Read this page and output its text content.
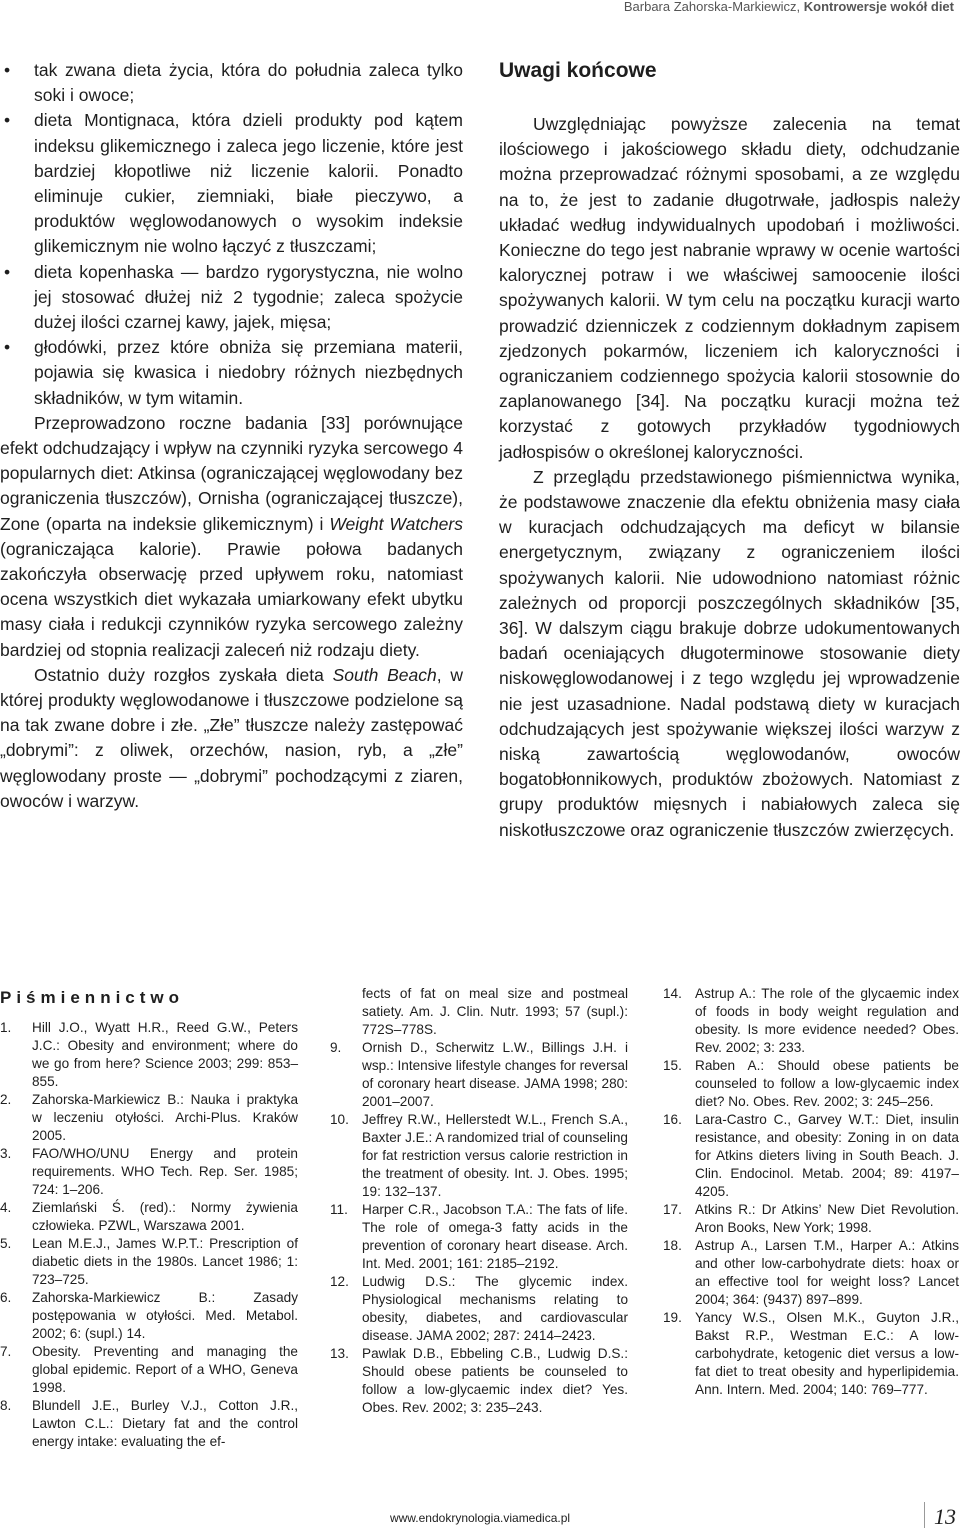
Barbara Zahorska-Markiewicz, Kontrowersje wokół diet
• tak zwana dieta życia, która do południa zaleca tylko soki i owoce;
• dieta Montignaca, która dzieli produkty pod kątem indeksu glikemicznego i zaleca jego liczenie, które jest bardziej kłopotliwe niż liczenie kalorii. Ponadto eliminuje cukier, ziemniaki, białe pieczywo, a produktów węglowodanowych o wysokim indeksie glikemicznym nie wolno łączyć z tłuszczami;
• dieta kopenhaska — bardzo rygorystyczna, nie wolno jej stosować dłużej niż 2 tygodnie; zaleca spożycie dużej ilości czarnej kawy, jajek, mięsa;
• głodówki, przez które obniża się przemiana materii, pojawia się kwasica i niedobry różnych niezbędnych składników, w tym witamin.

Przeprowadzono roczne badania [33] porównujące efekt odchudzający i wpływ na czynniki ryzyka sercowego 4 popularnych diet: Atkinsa (ograniczającej węglowodany bez ograniczenia tłuszczów), Ornisha (ograniczającej tłuszcze), Zone (oparta na indeksie glikemicznym) i Weight Watchers (ograniczająca kalorie). Prawie połowa badanych zakończyła obserwację przed upływem roku, natomiast ocena wszystkich diet wykazała umiarkowany efekt ubytku masy ciała i redukcji czynników ryzyka sercowego zależny bardziej od stopnia realizacji zaleceń niż rodzaju diety.

Ostatnio duży rozgłos zyskała dieta South Beach, w której produkty węglowodanowe i tłuszczowe podzielone są na tak zwane dobre i złe. „Złe” tłuszcze należy zastępować „dobrymi”: z oliwek, orzechów, nasion, ryb, a „złe” węglowodany proste — „dobrymi” pochodzącymi z ziaren, owoców i warzyw.

Uwagi końcowe

Uwzględniając powyższe zalecenia na temat ilościowego i jakościowego składu diety, odchudzanie można przeprowadzać różnymi sposobami, a ze względu na to, że jest to zadanie długotrwałe, jadłospis należy układać według indywidualnych upodobań i możliwości. Konieczne do tego jest nabranie wprawy w ocenie wartości kalorycznej potraw i we właściwej samoocenie ilości spożywanych kalorii. W tym celu na początku kuracji warto prowadzić dzienniczek z codziennym dokładnym zapisem zjedzonych pokarmów, liczeniem ich kaloryczności i ograniczaniem codziennego spożycia kalorii stosownie do zaplanowanego [34]. Na początku kuracji można też korzystać z gotowych przykładów tygodniowych jadłospisów o określonej kaloryczności.

Z przeglądu przedstawionego piśmiennictwa wynika, że podstawowe znaczenie dla efektu obniżenia masy ciała w kuracjach odchudzających ma deficyt w bilansie energetycznym, związany z ograniczeniem ilości spożywanych kalorii. Nie udowodniono natomiast różnic zależnych od proporcji poszczególnych składników [35, 36]. W dalszym ciągu brakuje dobrze udokumentowanych badań oceniających długoterminowe stosowanie diety niskowęglowodanowej i z tego względu jej wprowadzenie nie jest uzasadnione. Nadal podstawą diety w kuracjach odchudzających jest spożywanie większej ilości warzyw z niską zawartością węglowodanów, owoców bogatobłonnikowych, produktów zbożowych. Natomiast z grupy produktów mięsnych i nabiałowych zaleca się niskotłuszczowe oraz ograniczenie tłuszczów zwierzęcych.

Piśmiennictwo
1. Hill J.O., Wyatt H.R., Reed G.W., Peters J.C.: Obesity and environment; where do we go from here? Science 2003; 299: 853–855.
2. Zahorska-Markiewicz B.: Nauka i praktyka w leczeniu otyłości. Archi-Plus. Kraków 2005.
3. FAO/WHO/UNU Energy and protein requirements. WHO Tech. Rep. Ser. 1985; 724: 1–206.
4. Ziemlański Ś. (red).: Normy żywienia człowieka. PZWL, Warszawa 2001.
5. Lean M.E.J., James W.P.T.: Prescription of diabetic diets in the 1980s. Lancet 1986; 1: 723–725.
6. Zahorska-Markiewicz B.: Zasady postępowania w otyłości. Med. Metabol. 2002; 6: (supl.) 14.
7. Obesity. Preventing and managing the global epidemic. Report of a WHO, Geneva 1998.
8. Blundell J.E., Burley V.J., Cotton J.R., Lawton C.L.: Dietary fat and the control energy intake: evaluating the ef-
fects of fat on meal size and postmeal satiety. Am. J. Clin. Nutr. 1993; 57 (supl.): 772S–778S.
9. Ornish D., Scherwitz L.W., Billings J.H. i wsp.: Intensive lifestyle changes for reversal of coronary heart disease. JAMA 1998; 280: 2001–2007.
10. Jeffrey R.W., Hellerstedt W.L., French S.A., Baxter J.E.: A randomized trial of counseling for fat restriction versus calorie restriction in the treatment of obesity. Int. J. Obes. 1995; 19: 132–137.
11. Harper C.R., Jacobson T.A.: The fats of life. The role of omega-3 fatty acids in the prevention of coronary heart disease. Arch. Int. Med. 2001; 161: 2185–2192.
12. Ludwig D.S.: The glycemic index. Physiological mechanisms relating to obesity, diabetes, and cardiovascular disease. JAMA 2002; 287: 2414–2423.
13. Pawlak D.B., Ebbeling C.B., Ludwig D.S.: Should obese patients be counseled to follow a low-glycaemic index diet? Yes. Obes. Rev. 2002; 3: 235–243.
14. Astrup A.: The role of the glycaemic index of foods in body weight regulation and obesity. Is more evidence needed? Obes. Rev. 2002; 3: 233.
15. Raben A.: Should obese patients be counseled to follow a low-glycaemic index diet? No. Obes. Rev. 2002; 3: 245–256.
16. Lara-Castro C., Garvey W.T.: Diet, insulin resistance, and obesity: Zoning in on data for Atkins dieters living in South Beach. J. Clin. Endocinol. Metab. 2004; 89: 4197–4205.
17. Atkins R.: Dr Atkins’ New Diet Revolution. Aron Books, New York; 1998.
18. Astrup A., Larsen T.M., Harper A.: Atkins and other low-carbohydrate diets: hoax or an effective tool for weight loss? Lancet 2004; 364: (9437) 897–899.
19. Yancy W.S., Olsen M.K., Guyton J.R., Bakst R.P., Westman E.C.: A low-carbohydrate, ketogenic diet versus a low-fat diet to treat obesity and hyperlipidemia. Ann. Intern. Med. 2004; 140: 769–777.
www.endokrynologia.viamedica.pl	13
